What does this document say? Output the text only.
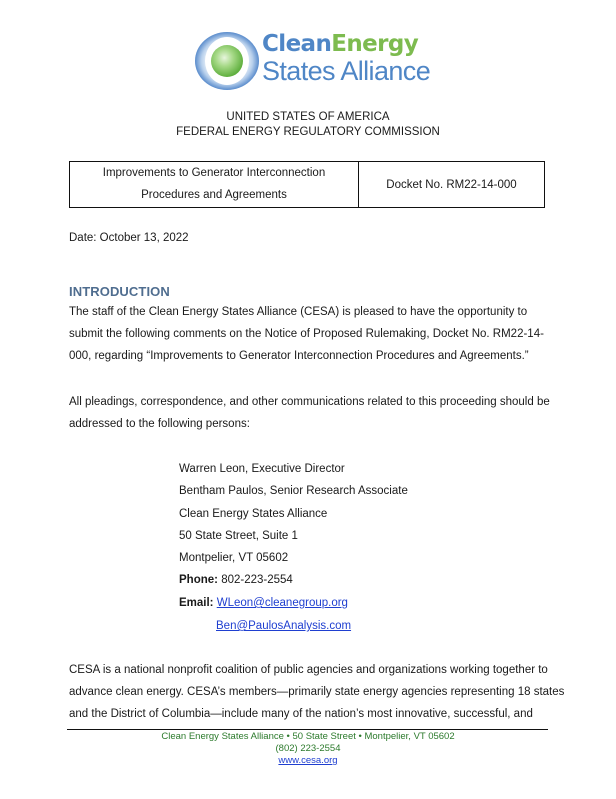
CleanEnergy
States Alliance
UNITED STATES OF AMERICA
FEDERAL ENERGY REGULATORY COMMISSION
Improvements to Generator Interconnection
Procedures and Agreements
Docket No. RM22-14-000
Date: October 13, 2022
INTRODUCTION
The staff of the Clean Energy States Alliance (CESA) is pleased to have the opportunity to
submit the following comments on the Notice of Proposed Rulemaking, Docket No. RM22-14-
000, regarding “Improvements to Generator Interconnection Procedures and Agreements.”
All pleadings, correspondence, and other communications related to this proceeding should be
addressed to the following persons:
Warren Leon, Executive Director
Bentham Paulos, Senior Research Associate
Clean Energy States Alliance
50 State Street, Suite 1
Montpelier, VT 05602
Phone: 802-223-2554
Email: WLeon@cleanegroup.org
Ben@PaulosAnalysis.com
CESA is a national nonprofit coalition of public agencies and organizations working together to
advance clean energy. CESA’s members—primarily state energy agencies representing 18 states
and the District of Columbia—include many of the nation’s most innovative, successful, and
Clean Energy States Alliance • 50 State Street • Montpelier, VT 05602
(802) 223-2554
www.cesa.org
